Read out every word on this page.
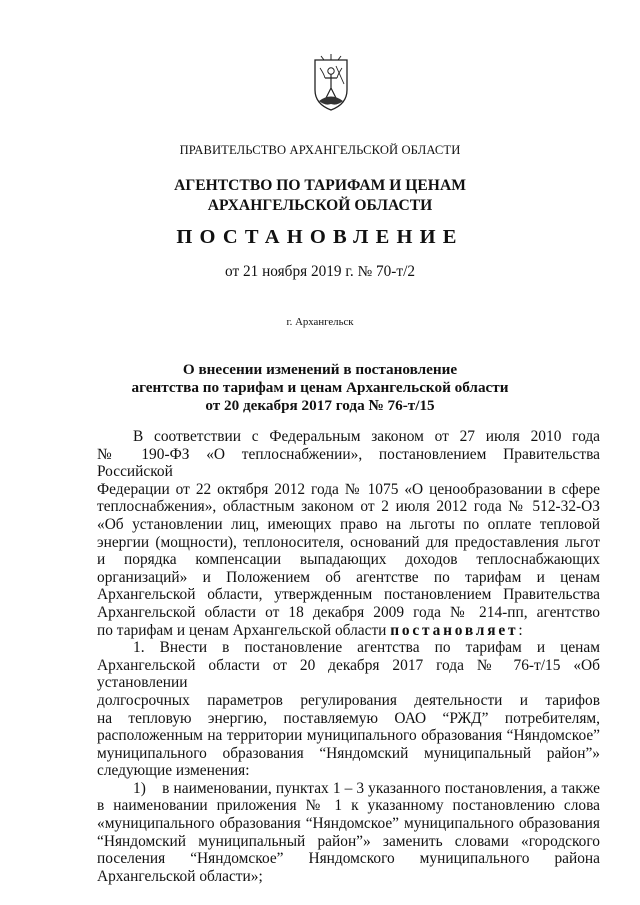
ПРАВИТЕЛЬСТВО АРХАНГЕЛЬСКОЙ ОБЛАСТИ
АГЕНТСТВО ПО ТАРИФАМ И ЦЕНАМ
АРХАНГЕЛЬСКОЙ ОБЛАСТИ
ПОСТАНОВЛЕНИЕ
от 21 ноября 2019 г. № 70-т/2
г. Архангельск
О внесении изменений в постановление
агентства по тарифам и ценам Архангельской области
от 20 декабря 2017 года № 76-т/15

В соответствии с Федеральным законом от 27 июля 2010 года
№ 190-ФЗ «О теплоснабжении», постановлением Правительства Российской
Федерации от 22 октября 2012 года № 1075 «О ценообразовании в сфере
теплоснабжения», областным законом от 2 июля 2012 года № 512-32-ОЗ
«Об установлении лиц, имеющих право на льготы по оплате тепловой
энергии (мощности), теплоносителя, оснований для предоставления льгот
и порядка компенсации выпадающих доходов теплоснабжающих
организаций» и Положением об агентстве по тарифам и ценам
Архангельской области, утвержденным постановлением Правительства
Архангельской области от 18 декабря 2009 года № 214-пп, агентство
по тарифам и ценам Архангельской области постановляет:

1. Внести в постановление агентства по тарифам и ценам
Архангельской области от 20 декабря 2017 года № 76-т/15 «Об установлении
долгосрочных параметров регулирования деятельности и тарифов
на тепловую энергию, поставляемую ОАО “РЖД” потребителям,
расположенным на территории муниципального образования “Няндомское”
муниципального образования “Няндомский муниципальный район”»
следующие изменения:

1)    в наименовании, пунктах 1 – 3 указанного постановления, а также
в наименовании приложения № 1 к указанному постановлению слова
«муниципального образования “Няндомское” муниципального образования
“Няндомский муниципальный район”» заменить словами «городского
поселения “Няндомское” Няндомского муниципального района
Архангельской области»;
